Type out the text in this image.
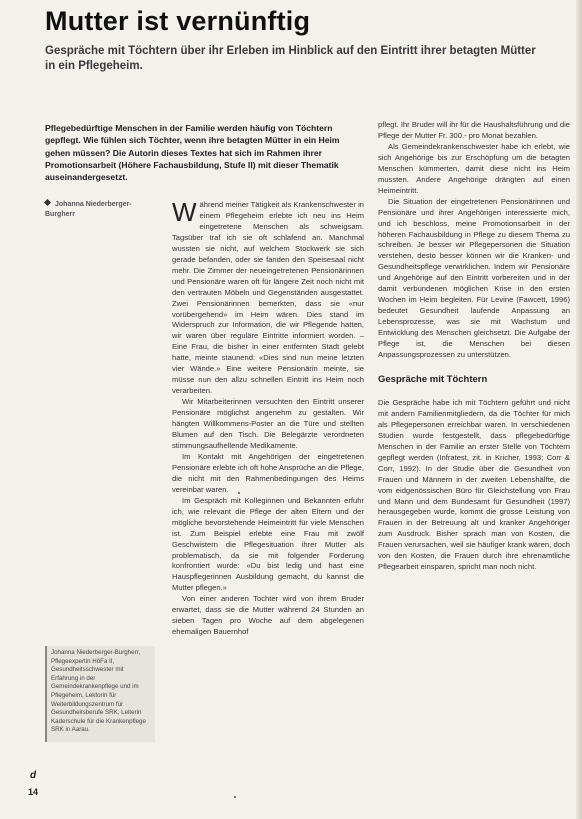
Mutter ist vernünftig

Gespräche mit Töchtern über ihr Erleben im Hinblick auf den Eintritt ihrer betagten Mütter in ein Pflegeheim.

Pflegebedürftige Menschen in der Familie werden häufig von Töchtern gepflegt. Wie fühlen sich Töchter, wenn ihre betagten Mütter in ein Heim gehen müssen? Die Autorin dieses Textes hat sich im Rahmen ihrer Promotionsarbeit (Höhere Fachausbildung, Stufe II) mit dieser Thematik auseinandergesetzt.

Johanna Niederberger-Burgherr	Während meiner Tätigkeit als Krankenschwester in einem Pflegeheim erlebte ich neu ins Heim eingetretene Menschen als schweigsam. Tagsüber traf ich sie oft schlafend an. Manchmal wussten sie nicht, auf welchem Stockwerk sie sich gerade befanden, oder sie fanden den Speisesaal nicht mehr. Die Zimmer der neueingetretenen Pensionärinnen und Pensionäre waren oft für längere Zeit noch nicht mit den vertrauten Möbeln und Gegenständen ausgestattet. Zwei Pensionärinnen bemerkten, dass sie «nur vorübergehend» im Heim wären. Dies stand im Widerspruch zur Information, die wir Pflegende hatten, wir waren über reguläre Eintritte informiert worden. – Eine Frau, die bisher in einer entfernten Stadt gelebt hatte, meinte staunend: «Dies sind nun meine letzten vier Wände.» Eine weitere Pensionärin meinte, sie müsse nun den allzu schnellen Eintritt ins Heim noch verarbeiten.

Wir Mitarbeiterinnen versuchten den Eintritt unserer Pensionäre möglichst angenehm zu gestalten. Wir hängten Willkommens-Poster an die Türe und stellten Blumen auf den Tisch. Die Belegärzte verordneten stimmungsaufhellende Medikamente.

Im Kontakt mit Angehörigen der eingetretenen Pensionäre erlebte ich oft hohe Ansprüche an die Pflege, die nicht mit den Rahmenbedingungen des Heims vereinbar waren.

Im Gespräch mit Kolleginnen und Bekannten erfuhr ich, wie relevant die Pflege der alten Eltern und der mögliche bevorstehende Heimeintritt für viele Menschen ist. Zum Beispiel erlebte eine Frau mit zwölf Geschwistern die Pflegesituation ihrer Mutter als problematisch, da sie mit folgender Forderung konfrontiert wurde: «Du bist ledig und hast eine Hauspflegerinnen Ausbildung gemacht, du kannst die Mutter pflegen.»

Von einer anderen Tochter wird von ihrem Bruder erwartet, dass sie die Mutter während 24 Stunden an sieben Tagen pro Woche auf dem abgelegenen ehemaligen Bauernhof

pflegt. Ihr Bruder will ihr für die Haushaltsführung und die Pflege der Mutter Fr. 300.- pro Monat bezahlen.

Als Gemeindekrankenschwester habe ich erlebt, wie sich Angehörige bis zur Erschöpfung um die betagten Menschen kümmerten, damit diese nicht ins Heim mussten. Andere Angehörige drängten auf einen Heimeintritt.

Die Situation der eingetretenen Pensionärinnen und Pensionäre und ihrer Angehörigen interessierte mich, und ich beschloss, meine Promotionsarbeit in der höheren Fachausbildung in Pflege zu diesem Thema zu schreiben. Je besser wir Pflegepersonen die Situation verstehen, desto besser können wir die Kranken- und Gesundheitspflege verwirklichen. Indem wir Pensionäre und Angehörige auf den Eintritt vorbereiten und in der damit verbundenen möglichen Krise in den ersten Wochen im Heim begleiten. Für Levine (Fawcett, 1996) bedeutet Gesundheit laufende Anpassung an Lebensprozesse, was sie mit Wachstum und Entwicklung des Menschen gleichsetzt. Die Aufgabe der Pflege ist, die Menschen bei diesen Anpassungsprozessen zu unterstützen.

Gespräche mit Töchtern

Die Gespräche habe ich mit Töchtern geführt und nicht mit andern Familienmitgliedern, da die Töchter für mich als Pflegepersonen erreichbar waren. In verschiedenen Studien wurde festgestellt, dass pflegebedürftige Menschen in der Familie an erster Stelle von Töchtern gepflegt werden (Infratest, zit. in Kricher, 1993; Corr & Corr, 1992). In der Studie über die Gesundheit von Frauen und Männern in der zweiten Lebenshälfte, die vom eidgenössischen Büro für Gleichstellung von Frau und Mann und dem Bundesamt für Gesundheit (1997) herausgegeben wurde, kommt die grosse Leistung von Frauen in der Betreuung alt und kranker Angehöriger zum Ausdruck. Bisher sprach man von Kosten, die Frauen verursachen, weil sie häufiger krank wären, doch von den Kosten, die Frauen durch ihre ehrenamtliche Pflegearbeit einsparen, spricht man noch nicht.

Johanna Niederberger-Burgherr, Pflegeexpertin HöFa II, Gesundheitsschwester mit Erfahrung in der Gemeindekrankenpflege und im Pflegeheim, Lektorin für Weiterbildungszentrum für Gesundheitsberufe SRK, Leiterin Kaderschule für die Krankenpflege SRK in Aarau.
d
14
